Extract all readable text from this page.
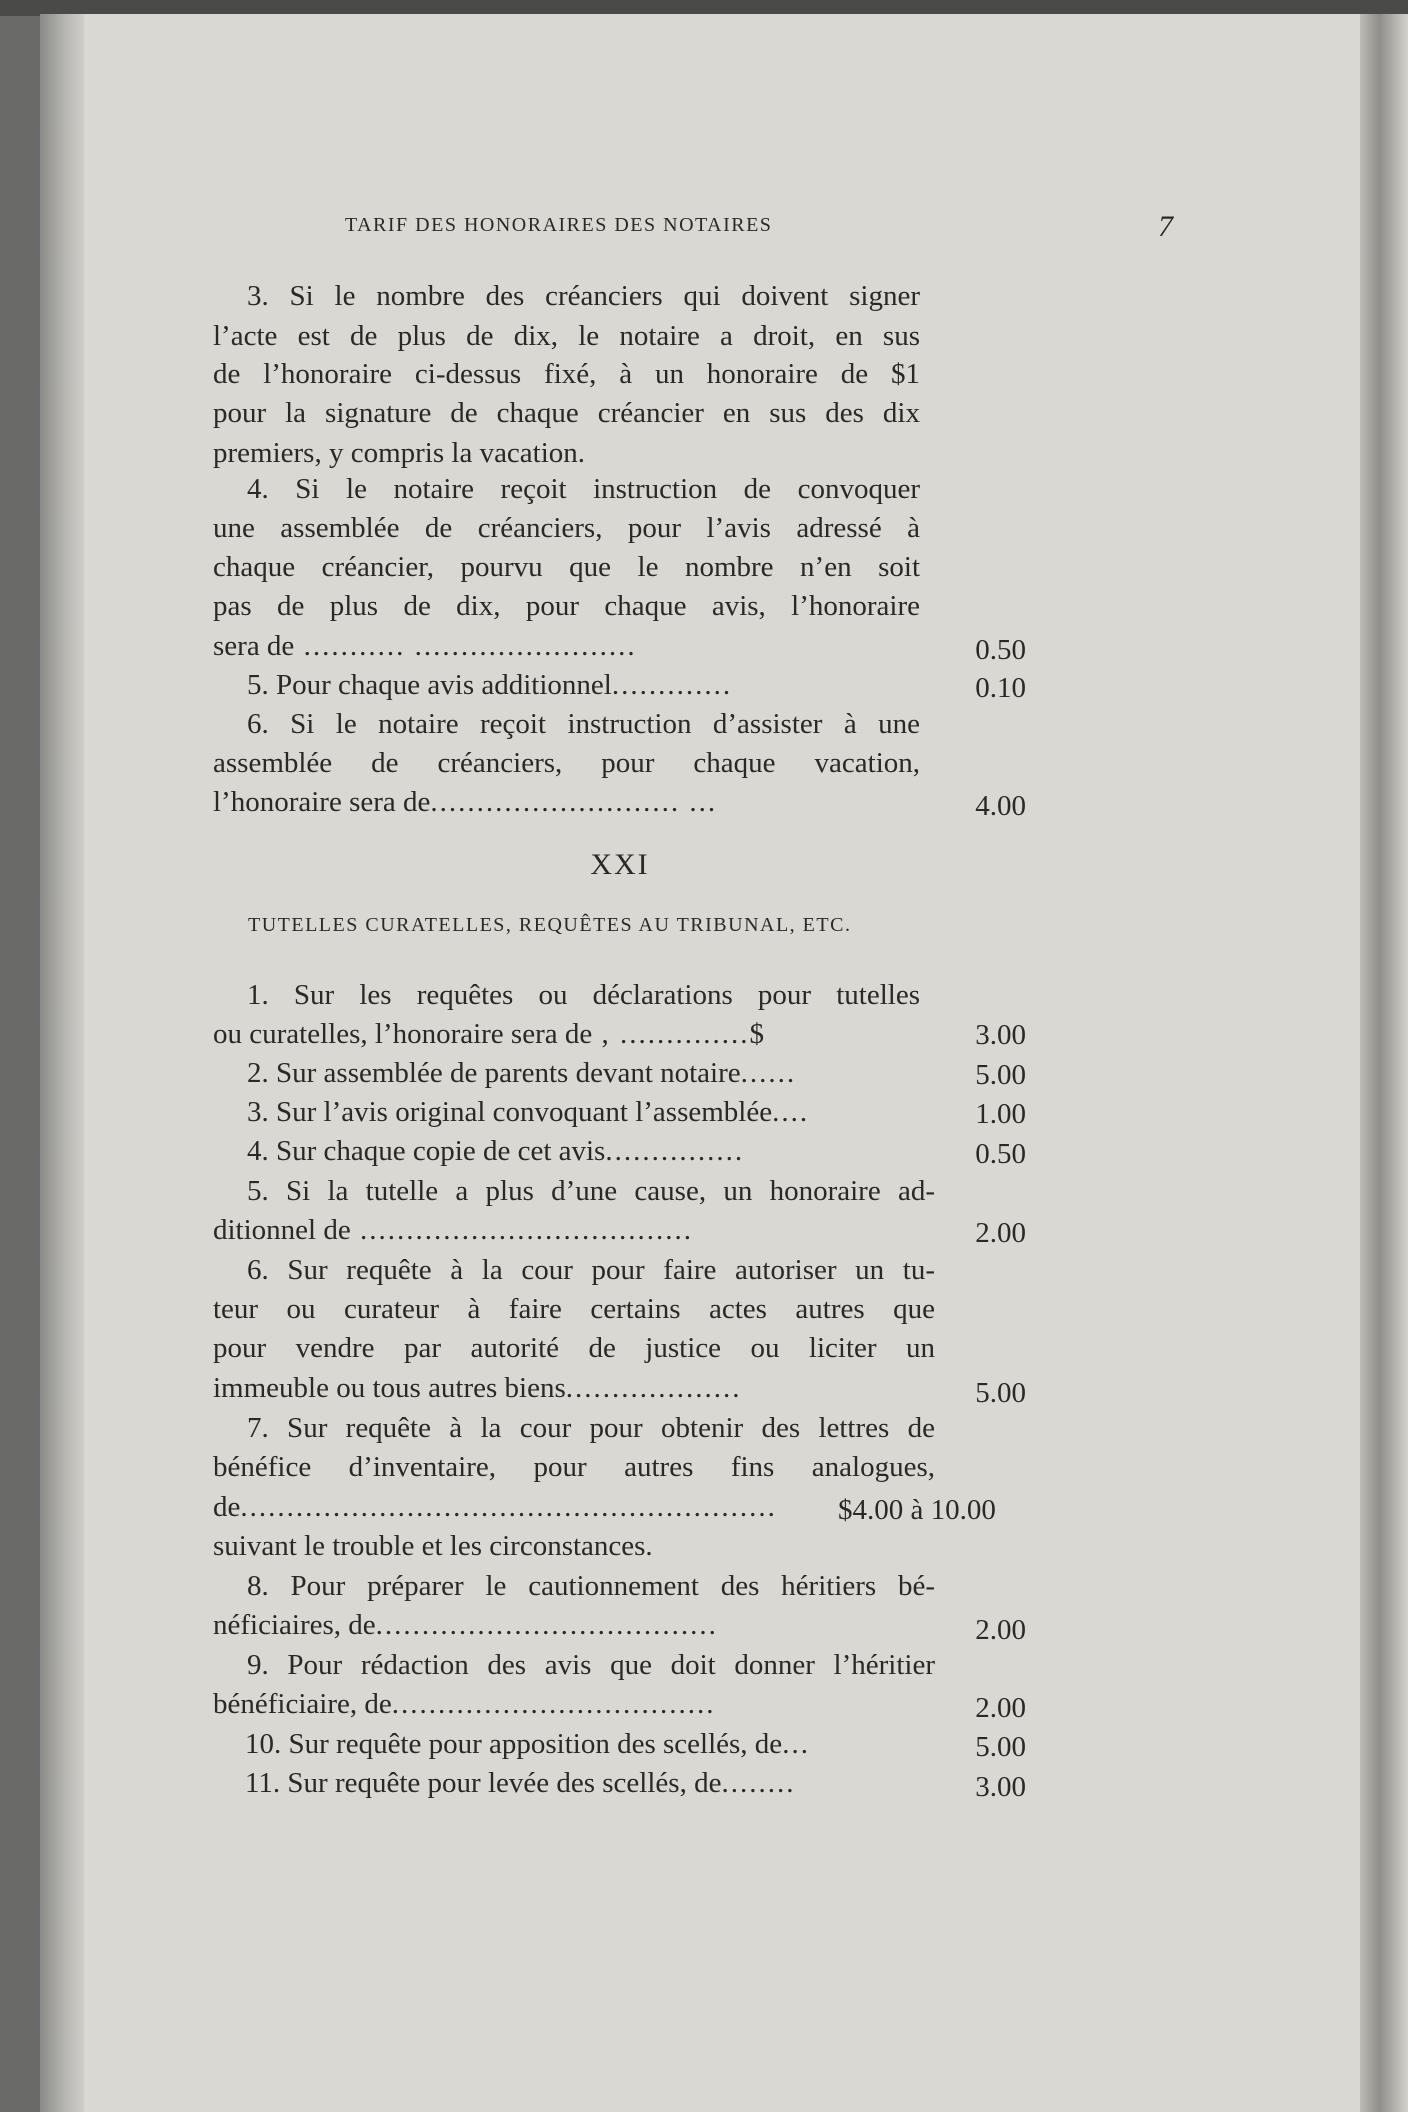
TARIF DES HONORAIRES DES NOTAIRES	7
3. Si le nombre des créanciers qui doivent signer
l’acte est de plus de dix, le notaire a droit, en sus
de l’honoraire ci-dessus fixé, à un honoraire de $1
pour la signature de chaque créancier en sus des dix
premiers, y compris la vacation.
4. Si le notaire reçoit instruction de convoquer
une assemblée de créanciers, pour l’avis adressé à
chaque créancier, pourvu que le nombre n’en soit
pas de plus de dix, pour chaque avis, l’honoraire
sera de ........... ........................	0.50
5. Pour chaque avis additionnel.............	0.10
6. Si le notaire reçoit instruction d’assister à une
assemblée de créanciers, pour chaque vacation,
l’honoraire sera de........................... ...	4.00
XXI
TUTELLES CURATELLES, REQUÊTES AU TRIBUNAL, ETC.
1. Sur les requêtes ou déclarations pour tutelles
ou curatelles, l’honoraire sera de , ..............$	3.00
2. Sur assemblée de parents devant notaire......	5.00
3. Sur l’avis original convoquant l’assemblée....	1.00
4. Sur chaque copie de cet avis...............	0.50
5. Si la tutelle a plus d’une cause, un honoraire ad-
ditionnel de ....................................	2.00
6. Sur requête à la cour pour faire autoriser un tu-
teur ou curateur à faire certains actes autres que
pour vendre par autorité de justice ou liciter un
immeuble ou tous autres biens...................	5.00
7. Sur requête à la cour pour obtenir des lettres de
bénéfice d’inventaire, pour autres fins analogues,
de..........................................................	$4.00 à 10.00
suivant le trouble et les circonstances.
8. Pour préparer le cautionnement des héritiers bé-
néficiaires, de.....................................	2.00
9. Pour rédaction des avis que doit donner l’héritier
bénéficiaire, de...................................	2.00
10. Sur requête pour apposition des scellés, de...	5.00
11. Sur requête pour levée des scellés, de........	3.00
